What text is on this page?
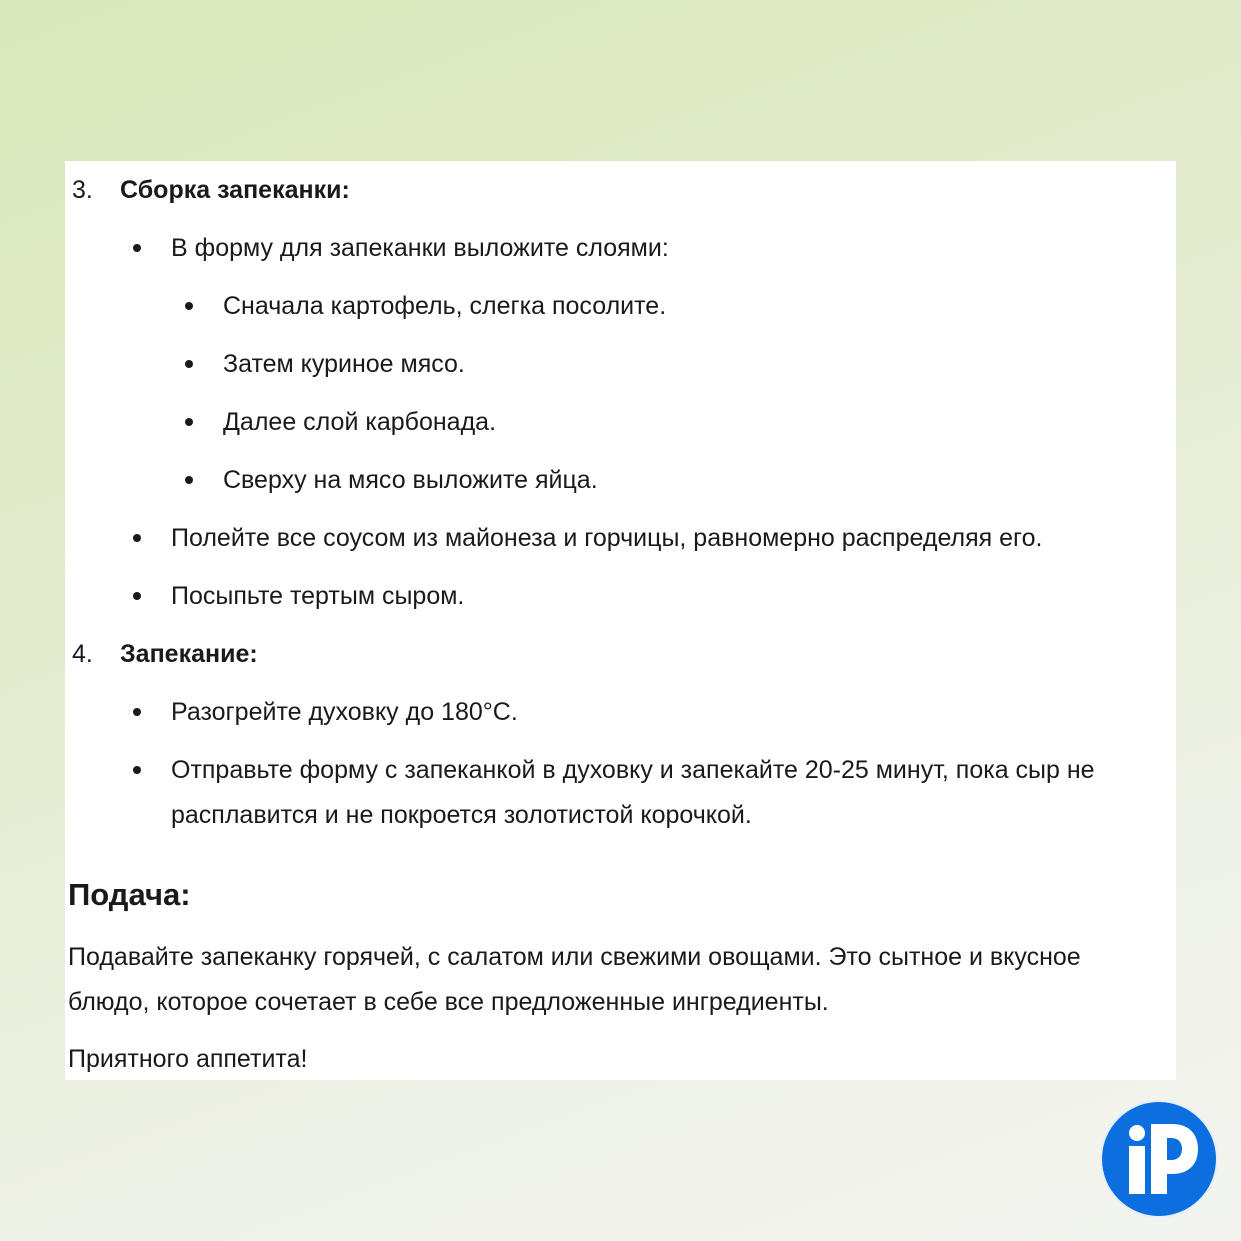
3. Сборка запеканки:
В форму для запеканки выложите слоями:
Сначала картофель, слегка посолите.
Затем куриное мясо.
Далее слой карбонада.
Сверху на мясо выложите яйца.
Полейте все соусом из майонеза и горчицы, равномерно распределяя его.
Посыпьте тертым сыром.
4. Запекание:
Разогрейте духовку до 180°C.
Отправьте форму с запеканкой в духовку и запекайте 20-25 минут, пока сыр не
расплавится и не покроется золотистой корочкой.
Подача:
Подавайте запеканку горячей, с салатом или свежими овощами. Это сытное и вкусное
блюдо, которое сочетает в себе все предложенные ингредиенты.
Приятного аппетита!
